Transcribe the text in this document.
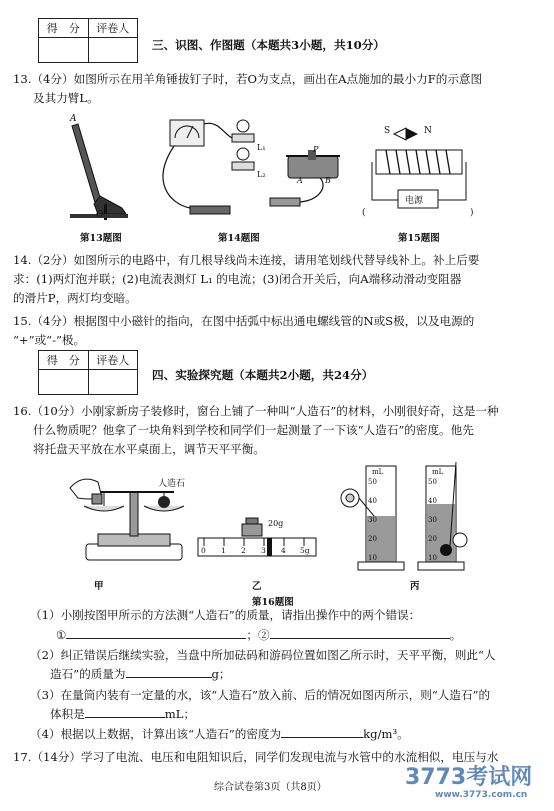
得　分	评卷人

三、识图、作图题（本题共3小题，共10分）
13.（4分）如图所示在用羊角锤拔钉子时，若O为支点，画出在A点施加的最小力F的示意图
及其力臂L。
A
O
第13题图
L₁
L₂
P
A	B
第14题图
S	N
(
电源
)
第15题图
14.（2分）如图所示的电路中，有几根导线尚未连接，请用笔划线代替导线补上。补上后要
求：(1)两灯泡并联；(2)电流表测灯 L₁ 的电流；(3)闭合开关后，向A端移动滑动变阻器
的滑片P，两灯均变暗。
15.（4分）根据图中小磁针的指向，在图中括弧中标出通电螺线管的N或S极，以及电源的
“+”或“-”极。
得　分	评卷人

四、实验探究题（本题共2小题，共24分）
16.（10分）小刚家新房子装修时，窗台上铺了一种叫“人造石”的材料，小刚很好奇，这是一种
什么物质呢？他拿了一块角料到学校和同学们一起测量了一下该“人造石”的密度。他先
将托盘天平放在水平桌面上，调节天平平衡。
人造石
甲
20g
0 1 2 3 4 5g
乙
mL
50
40
30
20
10
mL
50
40
30
20
10
丙
第16题图
（1）小刚按图甲所示的方法测“人造石”的质量，请指出操作中的两个错误：
①	；②	。
（2）纠正错误后继续实验，当盘中所加砝码和游码位置如图乙所示时，天平平衡，则此“人
造石”的质量为	g；
（3）在量筒内装有一定量的水，该“人造石”放入前、后的情况如图丙所示，则“人造石”的
体积是	mL；
（4）根据以上数据，计算出该“人造石”的密度为	kg/m³。
17.（14分）学习了电流、电压和电阻知识后，同学们发现电流与水管中的水流相似，电压与水
综合试卷第3页（共8页）	3773考试网
www.3773.com.cn
